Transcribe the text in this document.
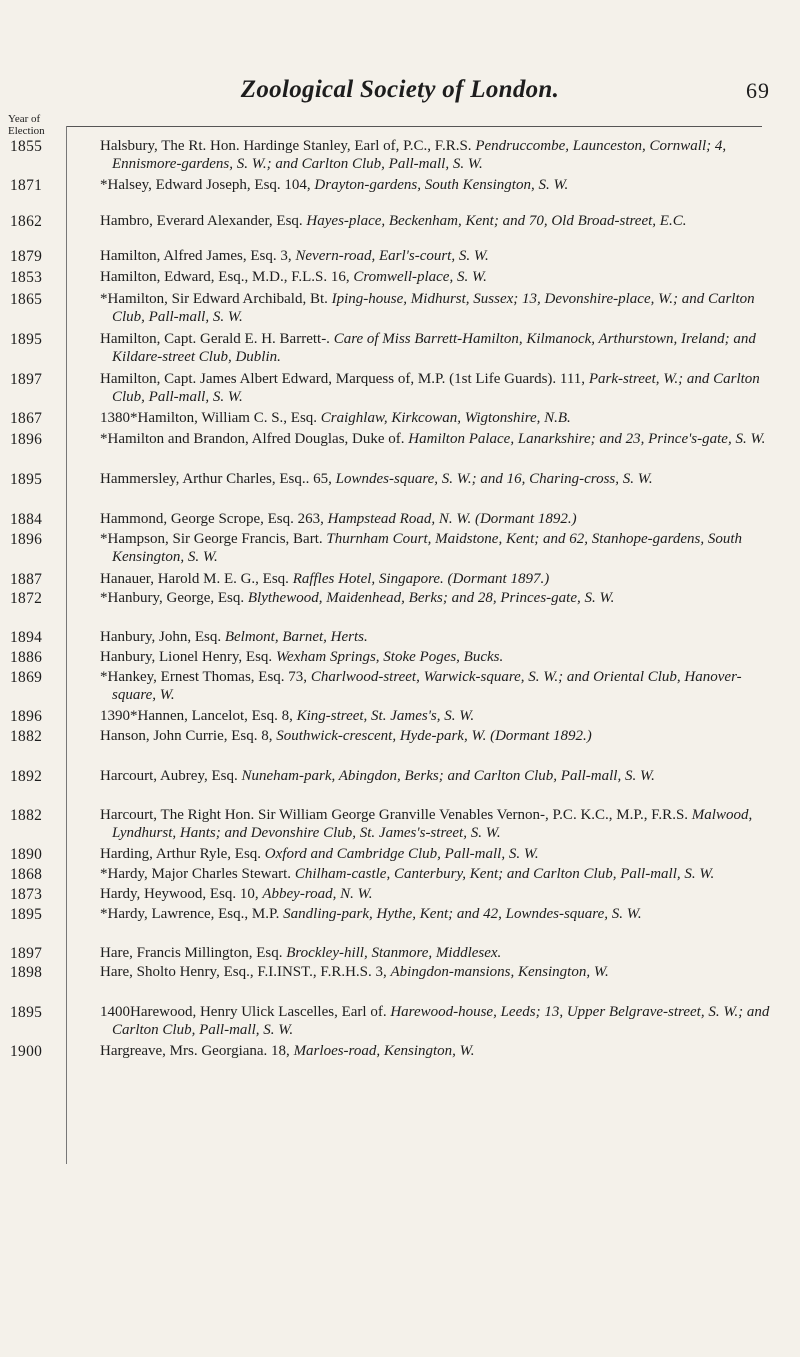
Zoological Society of London.	69
Year of Election
1855
1871
1862
1879
1853
1865
1895
1897
1867
1896
1895
1884
1896
1887
1872
1894
1886
1869
1896
1882
1892
1882
1890
1868
1873
1895
1897
1898
1895
1900
Halsbury, The Rt. Hon. Hardinge Stanley, Earl of, P.C., F.R.S. Pendruccombe, Launceston, Cornwall; 4, Ennismore-gardens, S. W.; and Carlton Club, Pall-mall, S. W.
*Halsey, Edward Joseph, Esq. 104, Drayton-gardens, South Kensington, S. W.
Hambro, Everard Alexander, Esq. Hayes-place, Beckenham, Kent; and 70, Old Broad-street, E.C.
Hamilton, Alfred James, Esq. 3, Nevern-road, Earl's-court, S. W.
Hamilton, Edward, Esq., M.D., F.L.S. 16, Cromwell-place, S. W.
*Hamilton, Sir Edward Archibald, Bt. Iping-house, Midhurst, Sussex; 13, Devonshire-place, W.; and Carlton Club, Pall-mall, S. W.
Hamilton, Capt. Gerald E. H. Barrett-. Care of Miss Barrett-Hamilton, Kilmanock, Arthurstown, Ireland; and Kildare-street Club, Dublin.
Hamilton, Capt. James Albert Edward, Marquess of, M.P. (1st Life Guards). 111, Park-street, W.; and Carlton Club, Pall-mall, S. W.
1380*Hamilton, William C. S., Esq. Craighlaw, Kirkcowan, Wigtonshire, N.B.
*Hamilton and Brandon, Alfred Douglas, Duke of. Hamilton Palace, Lanarkshire; and 23, Prince's-gate, S. W.
Hammersley, Arthur Charles, Esq.. 65, Lowndes-square, S. W.; and 16, Charing-cross, S. W.
Hammond, George Scrope, Esq. 263, Hampstead Road, N. W. (Dormant 1892.)
*Hampson, Sir George Francis, Bart. Thurnham Court, Maidstone, Kent; and 62, Stanhope-gardens, South Kensington, S. W.
Hanauer, Harold M. E. G., Esq. Raffles Hotel, Singapore. (Dormant 1897.)
*Hanbury, George, Esq. Blythewood, Maidenhead, Berks; and 28, Princes-gate, S. W.
Hanbury, John, Esq. Belmont, Barnet, Herts.
Hanbury, Lionel Henry, Esq. Wexham Springs, Stoke Poges, Bucks.
*Hankey, Ernest Thomas, Esq. 73, Charlwood-street, Warwick-square, S. W.; and Oriental Club, Hanover-square, W.
1390*Hannen, Lancelot, Esq. 8, King-street, St. James's, S. W.
Hanson, John Currie, Esq. 8, Southwick-crescent, Hyde-park, W. (Dormant 1892.)
Harcourt, Aubrey, Esq. Nuneham-park, Abingdon, Berks; and Carlton Club, Pall-mall, S. W.
Harcourt, The Right Hon. Sir William George Granville Venables Vernon-, P.C. K.C., M.P., F.R.S. Malwood, Lyndhurst, Hants; and Devonshire Club, St. James's-street, S. W.
Harding, Arthur Ryle, Esq. Oxford and Cambridge Club, Pall-mall, S. W.
*Hardy, Major Charles Stewart. Chilham-castle, Canterbury, Kent; and Carlton Club, Pall-mall, S. W.
Hardy, Heywood, Esq. 10, Abbey-road, N. W.
*Hardy, Lawrence, Esq., M.P. Sandling-park, Hythe, Kent; and 42, Lowndes-square, S. W.
Hare, Francis Millington, Esq. Brockley-hill, Stanmore, Middlesex.
Hare, Sholto Henry, Esq., F.I.INST., F.R.H.S. 3, Abingdon-mansions, Kensington, W.
1400Harewood, Henry Ulick Lascelles, Earl of. Harewood-house, Leeds; 13, Upper Belgrave-street, S. W.; and Carlton Club, Pall-mall, S. W.
Hargreave, Mrs. Georgiana. 18, Marloes-road, Kensington, W.
